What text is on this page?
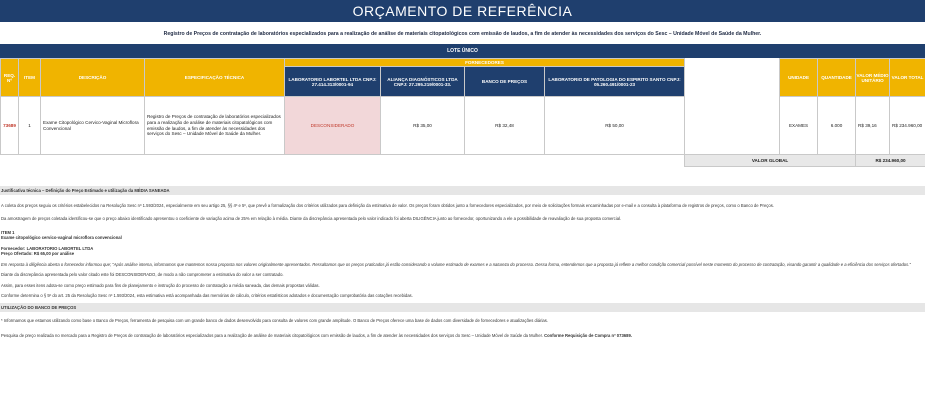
ORÇAMENTO DE REFERÊNCIA
Registro de Preços de contratação de laboratórios especializados para a realização de análise de materiais citopatológicos com emissão de laudos, a fim de atender às necessidades dos serviços do Sesc – Unidade Móvel de Saúde da Mulher.
LOTE ÚNICO
REQ. Nº	ITEM	DESCRIÇÃO	ESPECIFICAÇÃO TÉCNICA	FORNECEDORES					UNIDADE	QUANTIDADE	VALOR MÉDIO UNITÁRIO	VALOR TOTAL
				LABORATORIO LABORTEL LTDA CNPJ: 27.414.313/0001-94	ALIANÇA DIAGNÓSTICOS LTDA CNPJ: 27.295.219/0001-33.	BANCO DE PREÇOS	LABORATORIO DE PATOLOGIA DO ESPIRITO SANTO CNPJ: 05.260.491/0001-23					
73689	1	Exame Citopológico Cervico-Vaginal Microflora Convencional	Registro de Preços de contratação de laboratórios especializados para a realização de análise de materiais citopatológicos com emissão de laudos, a fim de atender às necessidades dos serviços do Sesc – Unidade Móvel de Saúde da Mulher.	DESCONSIDERADO	R$ 35,00	R$ 32,48	R$ 50,00		EXAMES	6.000	R$ 39,16	R$ 234.960,00
								VALOR GLOBAL			R$ 234.960,00	
Justificativa técnica – Definição do Preço Estimado e utilização da MÉDIA SANEADA
A coleta dos preços seguiu os critérios estabelecidos na Resolução Sesc nº 1.593/2024, especialmente em seu artigo 25, §§ 4º e 5º, que prevê a formalização dos critérios utilizados para definição da estimativa de valor. Os preços foram obtidos junto a fornecedores especializados, por meio de solicitações formais encaminhadas por e-mail e a consulta à plataforma de registros de preços, como o Banco de Preços.
Da amostragem de preços coletada identificou-se que o preço abaixo identificado apresentou o coeficiente de variação acima de 25% em relação à média. Diante da discrepância apresentada pelo valor indicado foi aberta DILIGÊNCIA junto ao fornecedor, oportunizando a ele a possibilidade de reavaliação de sua proposta comercial.
ITEM 1
Exame citopológico cervico-vaginal microflora convencional
Fornecedor: LABORATORIO LABORTEL LTDA
Preço Ofertado: R$ 65,00 por análise
Em resposta à diligência aberta o fornecedor informou que; "Após análise interna, informamos que mantemos nossa proposta nos valores originalmente apresentados. Ressaltamos que os preços praticados já estão considerando o volume estimado de exames e a natureza do processo. Dessa forma, entendemos que a proposta já reflete a melhor condição comercial possível neste momento do processo de contratação, visando garantir a qualidade e a eficiência dos serviços ofertados."
Diante da discrepância apresentada pelo valor citado este foi DESCONSIDERADO, de modo a não comprometer a estimativa do valor a ser contratado.
Assim, para esses itens adota-se como preço estimado para fins de planejamento e instrução do processo de contratação a média saneada, das demais propostas válidas.
Conforme determina o § 5º do art. 25 da Resolução Sesc nº 1.593/2024, esta estimativa está acompanhada das memórias de cálculo, critérios estatísticos adotados e documentação comprobatória das cotações recebidas.
UTILIZAÇÃO DO BANCO DE PREÇOS
* Informamos que estamos utilizando como base o Banco de Preços, ferramenta de pesquisa com um grande banco de dados desenvolvido para consulta de valores com grande amplitude. O Banco de Preços oferece uma base de dados com diversidade de fornecedores e atualizações diárias.
Pesquisa de preço realizada no mercado para a Registro de Preços de contratação de laboratórios especializados para a realização de análise de materiais citopatológicos com emissão de laudos, a fim de atender às necessidades dos serviços do Sesc – Unidade Móvel de Saúde da Mulher. Conforme Requisição de Compra nº 073689.
